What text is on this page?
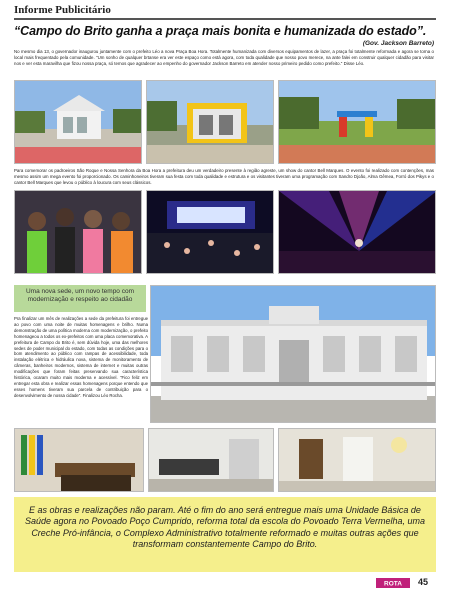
Informe Publicitário
“Campo do Brito ganha a praça mais bonita e humanizada do estado”.
(Gov. Jackson Barreto)
No mesmo dia 13, o governador inaugurou juntamente com o prefeito Léo a nova Praça Boa Hora. Totalmente humanizada com diversos equipamentos de lazer, a praça foi totalmente reformada e agora se torna o local mais frequentado pela comunidade. "Um sonho de qualquer brtanse era ver este espaço como está agora, com toda qualidade que nosso povo merece, na ante falei em construir qualquer cidadão para visitar nos e ver esta maravilha que fizou nossa praça, só temos que agradecer ao empenho do governador Jackson Barreto em atender nosso primeiro pedido como prefeito." Disse Léo.
Para comemorar os padroeiros São Roque e Nossa Senhora da Boa Hora a prefeitura deu um verdadeiro presente à região agreste, um show do cantor Bell Marques. O evento foi realizado com contenções, mas mesmo assim um mega evento foi proporcionado. Os caminhoneiros tiveram sua festa com toda qualidade e estrutura e os visitantes tiveram uma programação com Sandro Djoão, Alma Gêmea, Forró dos Pikys e o cantor Bell Marques que levou o público à loucura com seus clássicos.
Uma nova sede, um novo tempo com modernização e respeito ao cidadão
Pra finalizar um mês de realizações a sede da prefeitura foi entregue ao povo com uma noite de muitas homenagens e brilho. Numa demonstração de uma política moderna com modernização, o prefeito homenageou a todos os ex-prefeitos com uma placa comemorativa. A prefeitura de Campo do Brito é, sem dúvida hoje, uma das melhores sedes de poder municipal do estado, com todas as condições para o bom atendimento ao público com rampas de acessibilidade, toda instalação elétrica e hidráulica nova, sistema de monitoramento de câmeras, banheiros modernos, sistema de internet e muitas outras modificações que foram feitas preservando sua característica histórica, ocaram muito mais moderna e acessível. "Fico feliz em entregar esta obra e realizar essas homenagens porque entendo que esses homens tiveram sua parcela de contribuição para o desenvolvimento de nossa cidade". Finalizou Léo Rocha.
E as obras e realizações não param. Até o fim do ano será entregue mais uma Unidade Básica de Saúde agora no Povoado Poço Cumprido, reforma total da escola do Povoado Terra Vermelha, uma Creche Pró-infância, o Complexo Administrativo totalmente reformado e muitas outras ações que transformam constantemente Campo do Brito.
ROTA 45
